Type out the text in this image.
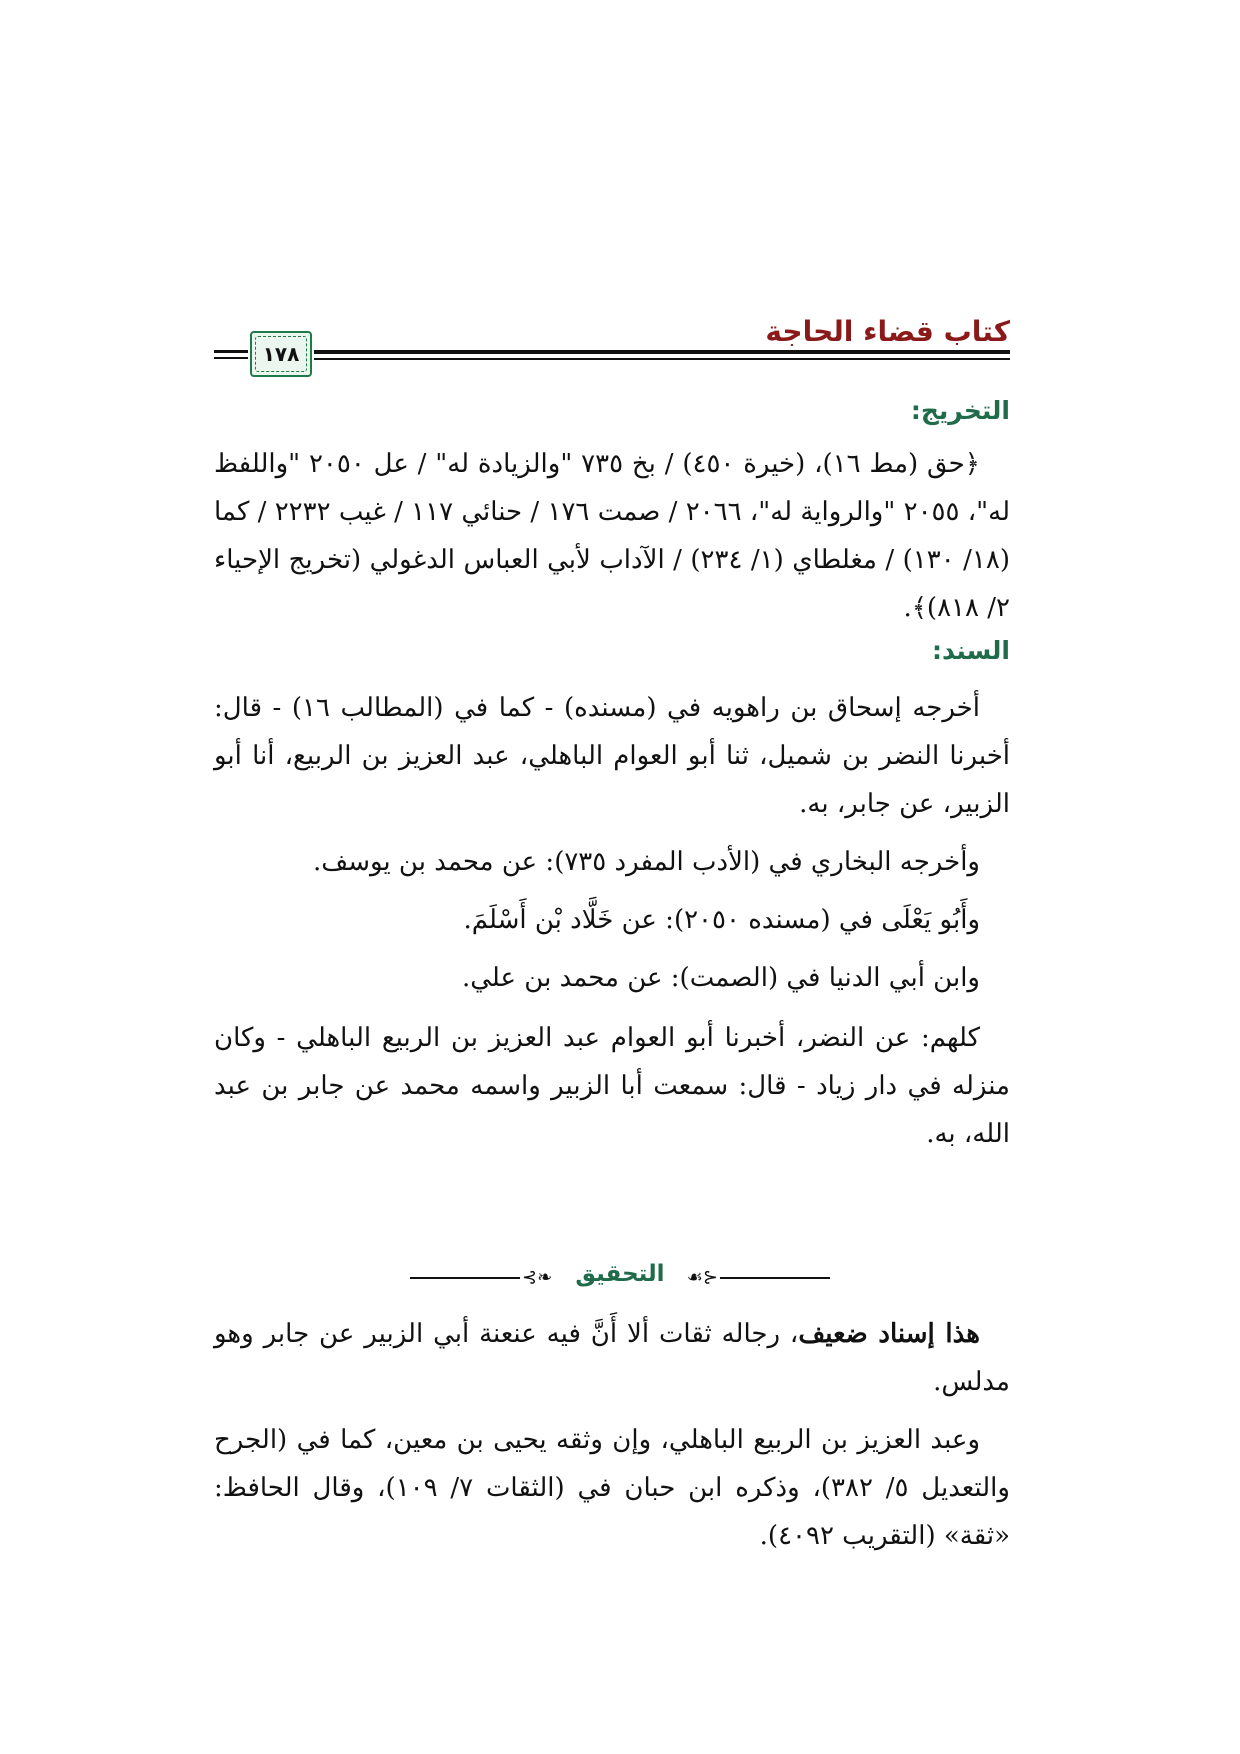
كتاب قضاء الحاجة
١٧٨
التخريج:

﴿حق (مط ١٦)، (خيرة ٤٥٠) / بخ ٧٣٥ "والزيادة له" / عل ٢٠٥٠ "واللفظ له"، ٢٠٥٥ "والرواية له"، ٢٠٦٦ / صمت ١٧٦ / حنائي ١١٧ / غيب ٢٢٣٢ / كما (١٨/ ١٣٠) / مغلطاي (١/ ٢٣٤) / الآداب لأبي العباس الدغولي (تخريج الإحياء ٢/ ٨١٨)﴾.

السند:

أخرجه إسحاق بن راهويه في (مسنده) - كما في (المطالب ١٦) - قال: أخبرنا النضر بن شميل، ثنا أبو العوام الباهلي، عبد العزيز بن الربيع، أنا أبو الزبير، عن جابر، به.

وأخرجه البخاري في (الأدب المفرد ٧٣٥): عن محمد بن يوسف.

وأَبُو يَعْلَى في (مسنده ٢٠٥٠): عن خَلَّاد بْن أَسْلَمَ.

وابن أبي الدنيا في (الصمت): عن محمد بن علي.

كلهم: عن النضر، أخبرنا أبو العوام عبد العزيز بن الربيع الباهلي - وكان منزله في دار زياد - قال: سمعت أبا الزبير واسمه محمد عن جابر بن عبد الله، به.

⊰❧	☙⊱
التحقيق

هذا إسناد ضعيف، رجاله ثقات ألا أَنَّ فيه عنعنة أبي الزبير عن جابر وهو مدلس.

وعبد العزيز بن الربيع الباهلي، وإن وثقه يحيى بن معين، كما في (الجرح والتعديل ٥/ ٣٨٢)، وذكره ابن حبان في (الثقات ٧/ ١٠٩)، وقال الحافظ: «ثقة» (التقريب ٤٠٩٢).
